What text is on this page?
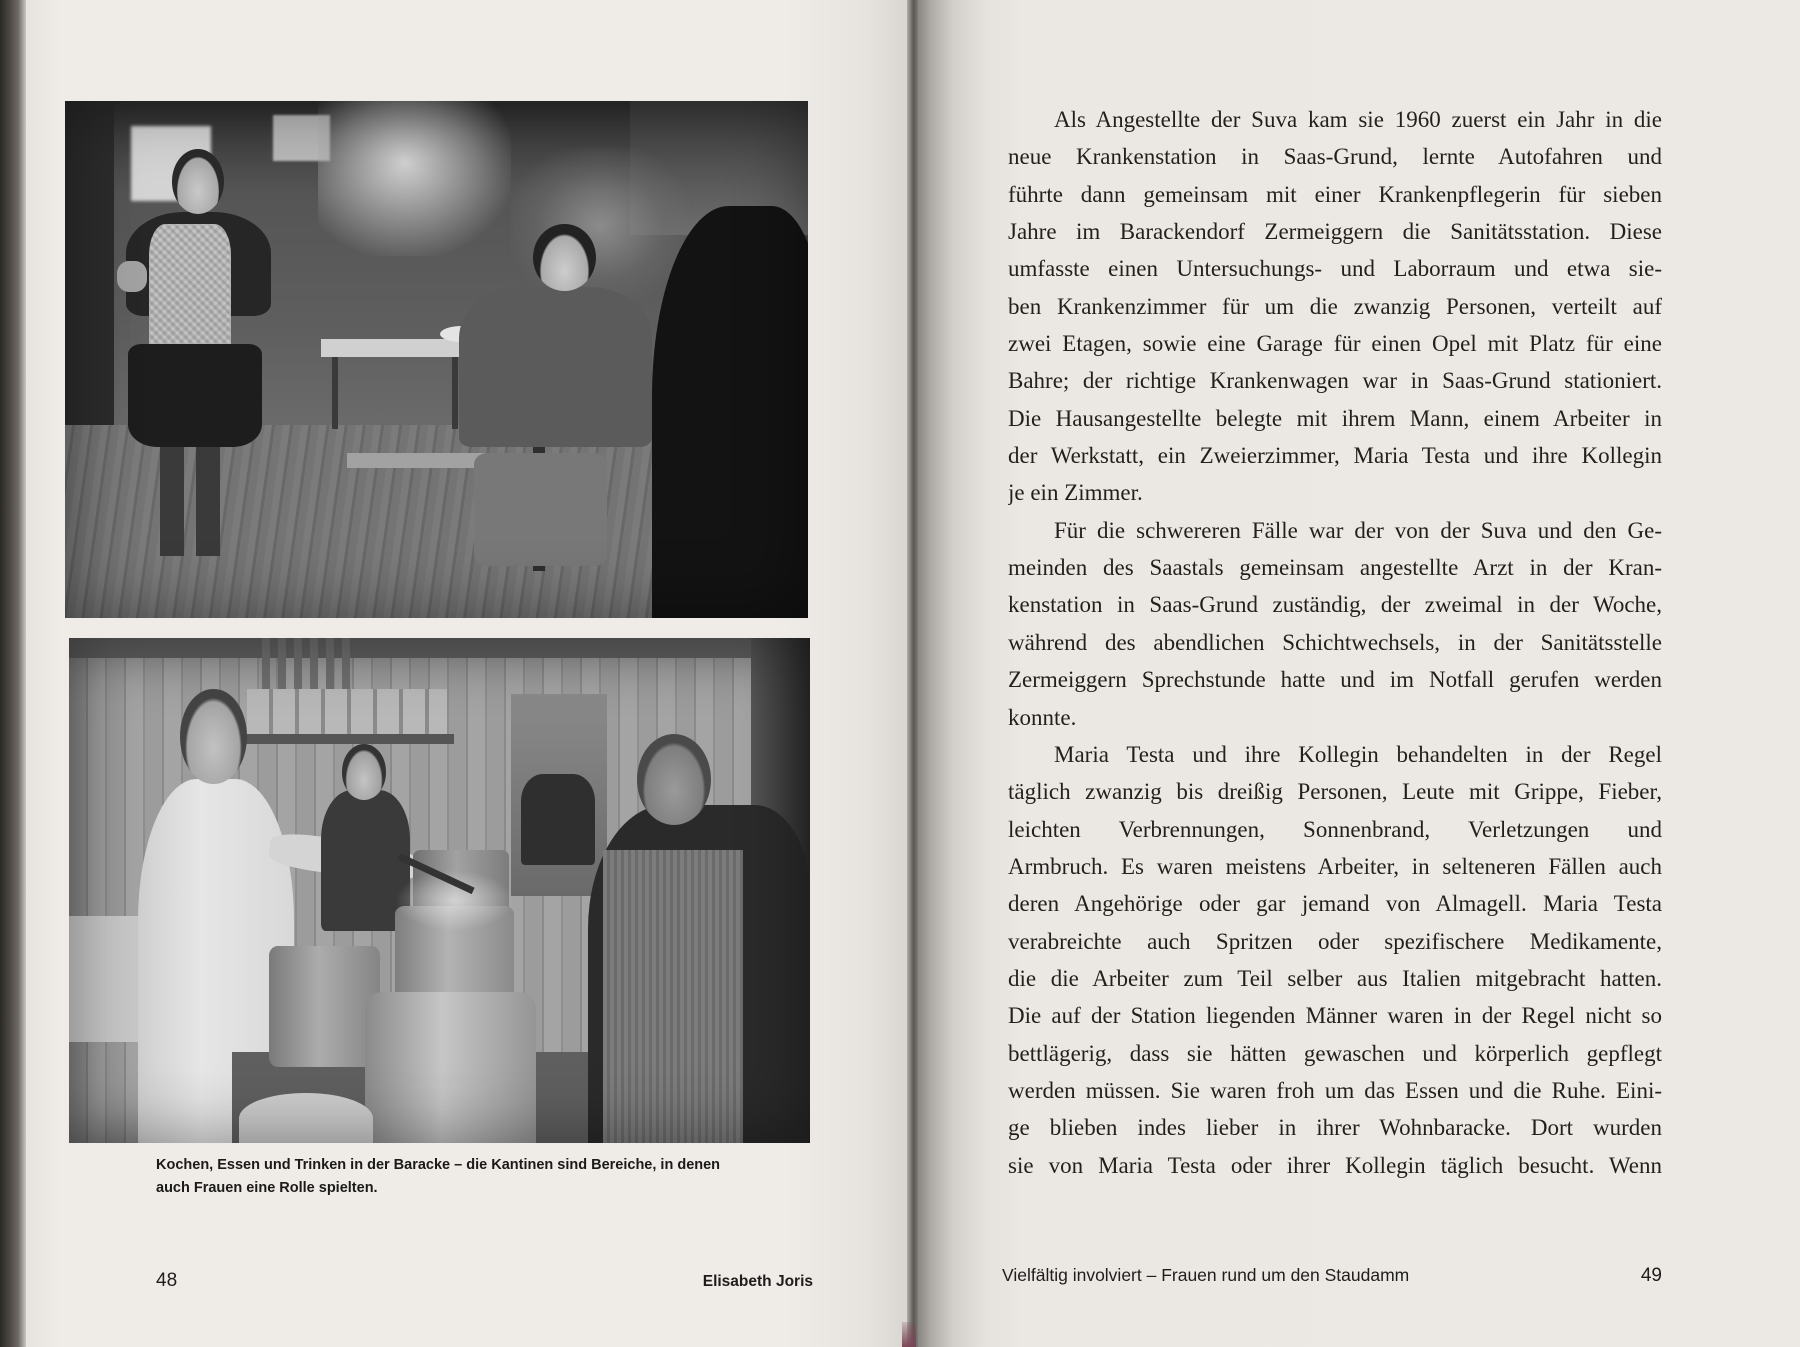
Kochen, Essen und Trinken in der Baracke – die Kantinen sind Bereiche, in denen
auch Frauen eine Rolle spielten.
48	Elisabeth Joris
Als Angestellte der Suva kam sie 1960 zuerst ein Jahr in die
neue Krankenstation in Saas-Grund, lernte Autofahren und
führte dann gemeinsam mit einer Krankenpflegerin für sieben
Jahre im Barackendorf Zermeiggern die Sanitätsstation. Diese
umfasste einen Untersuchungs- und Laborraum und etwa sie-
ben Krankenzimmer für um die zwanzig Personen, verteilt auf
zwei Etagen, sowie eine Garage für einen Opel mit Platz für eine
Bahre; der richtige Krankenwagen war in Saas-Grund stationiert.
Die Hausangestellte belegte mit ihrem Mann, einem Arbeiter in
der Werkstatt, ein Zweierzimmer, Maria Testa und ihre Kollegin
je ein Zimmer.
Für die schwereren Fälle war der von der Suva und den Ge-
meinden des Saastals gemeinsam angestellte Arzt in der Kran-
kenstation in Saas-Grund zuständig, der zweimal in der Woche,
während des abendlichen Schichtwechsels, in der Sanitätsstelle
Zermeiggern Sprechstunde hatte und im Notfall gerufen werden
konnte.
Maria Testa und ihre Kollegin behandelten in der Regel
täglich zwanzig bis dreißig Personen, Leute mit Grippe, Fieber,
leichten Verbrennungen, Sonnenbrand, Verletzungen und
Armbruch. Es waren meistens Arbeiter, in selteneren Fällen auch
deren Angehörige oder gar jemand von Almagell. Maria Testa
verabreichte auch Spritzen oder spezifischere Medikamente,
die die Arbeiter zum Teil selber aus Italien mitgebracht hatten.
Die auf der Station liegenden Männer waren in der Regel nicht so
bettlägerig, dass sie hätten gewaschen und körperlich gepflegt
werden müssen. Sie waren froh um das Essen und die Ruhe. Eini-
ge blieben indes lieber in ihrer Wohnbaracke. Dort wurden
sie von Maria Testa oder ihrer Kollegin täglich besucht. Wenn
Vielfältig involviert – Frauen rund um den Staudamm	49
